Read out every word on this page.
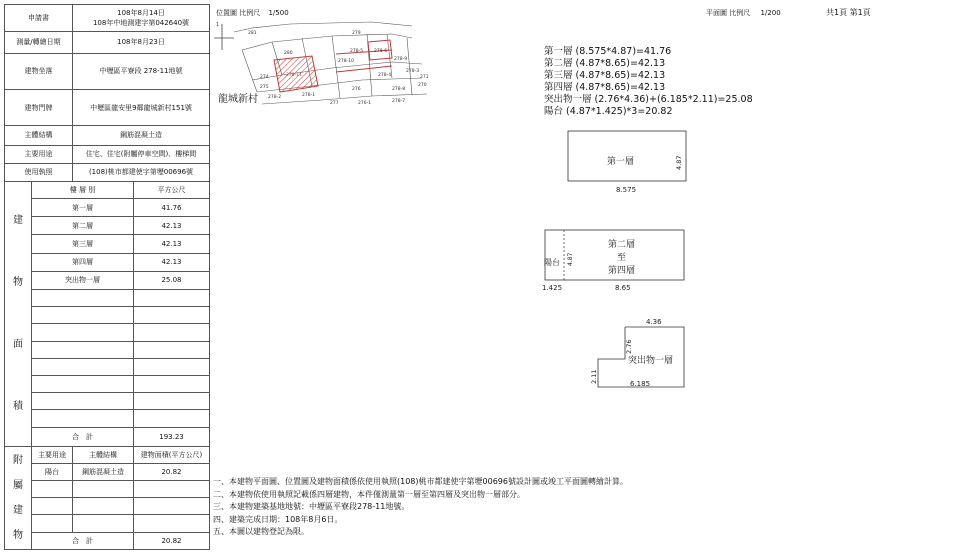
申請書		108年8月14日
108年中地測建字第042640號	

測量/轉繪日期		108年8月23日	
建物坐落		中壢區平寮段 278-11地號	
建物門牌		中壢區龍安里9鄰龍城新村151號	
主體結構		鋼筋混凝土造	
主要用途		住宅、住宅(附屬停車空間)、樓梯間	
使用執照		(108)桃市都建使字第壢00696號	

建
物
面
積	樓 層 別		平方公尺
	第一層		41.76
	第二層		42.13
	第三層		42.13
	第四層		42.13
	突出物一層		25.08

	合　計		193.23

附
屬
建
物	主要用途	主體結構	建物面積(平方公尺)
	陽台	鋼筋混凝土造	20.82

	合　計		20.82
位置圖 比例尺 1/500
1
281
280
279
278-6
278-10	278-9
278-4
278-3
278-8
278-1
276
278-7
277	276-1
275
278-2
274	278-11
278-5
271
270
龍城新村
平面圖 比例尺 1/200	共1頁 第1頁
第一層 (8.575*4.87)=41.76
第二層 (4.87*8.65)=42.13
第三層 (4.87*8.65)=42.13
第四層 (4.87*8.65)=42.13
突出物一層 (2.76*4.36)+(6.185*2.11)=25.08
陽台 (4.87*1.425)*3=20.82
第一層
8.575
4.87
第二層
至
第四層
陽台 4.87
1.425	8.65
4.36
2.76
2.11
突出物一層
6.185
一、本建物平面圖、位置圖及建物面積係依使用執照(108)桃市都建使字第壢00696號設計圖或竣工平面圖轉繪計算。
二、本建物依使用執照記載係四層建物，本件僅測量第一層至第四層及突出物一層部分。
三、本建物建築基地地號：中壢區平寮段278-11地號。
四、建築完成日期：108年8月6日。
五、本圖以建物登記為限。
